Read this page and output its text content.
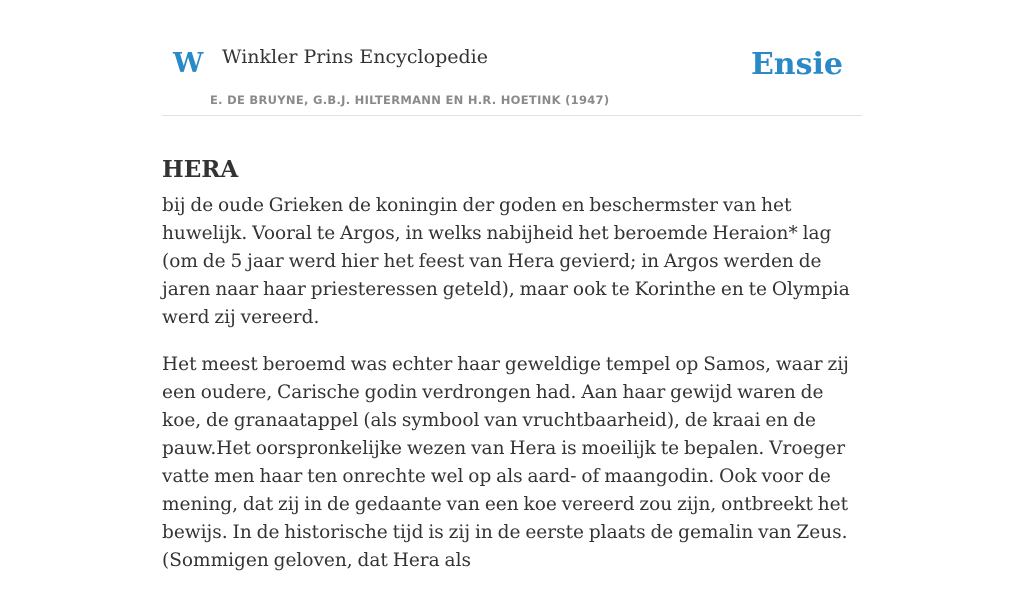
W Winkler Prins Encyclopedie
E. DE BRUYNE, G.B.J. HILTERMANN EN H.R. HOETINK (1947)
Ensie
HERA

bij de oude Grieken de koningin der goden en beschermster van het huwelijk. Vooral te Argos, in welks nabijheid het beroemde Heraion* lag (om de 5 jaar werd hier het feest van Hera gevierd; in Argos werden de jaren naar haar priesteressen geteld), maar ook te Korinthe en te Olympia werd zij vereerd.

Het meest beroemd was echter haar geweldige tempel op Samos, waar zij een oudere, Carische godin verdrongen had. Aan haar gewijd waren de koe, de granaatappel (als symbool van vruchtbaarheid), de kraai en de pauw.Het oorspronkelijke wezen van Hera is moeilijk te bepalen. Vroeger vatte men haar ten onrechte wel op als aard- of maangodin. Ook voor de mening, dat zij in de gedaante van een koe vereerd zou zijn, ontbreekt het bewijs. In de historische tijd is zij in de eerste plaats de gemalin van Zeus. (Sommigen geloven, dat Hera als
